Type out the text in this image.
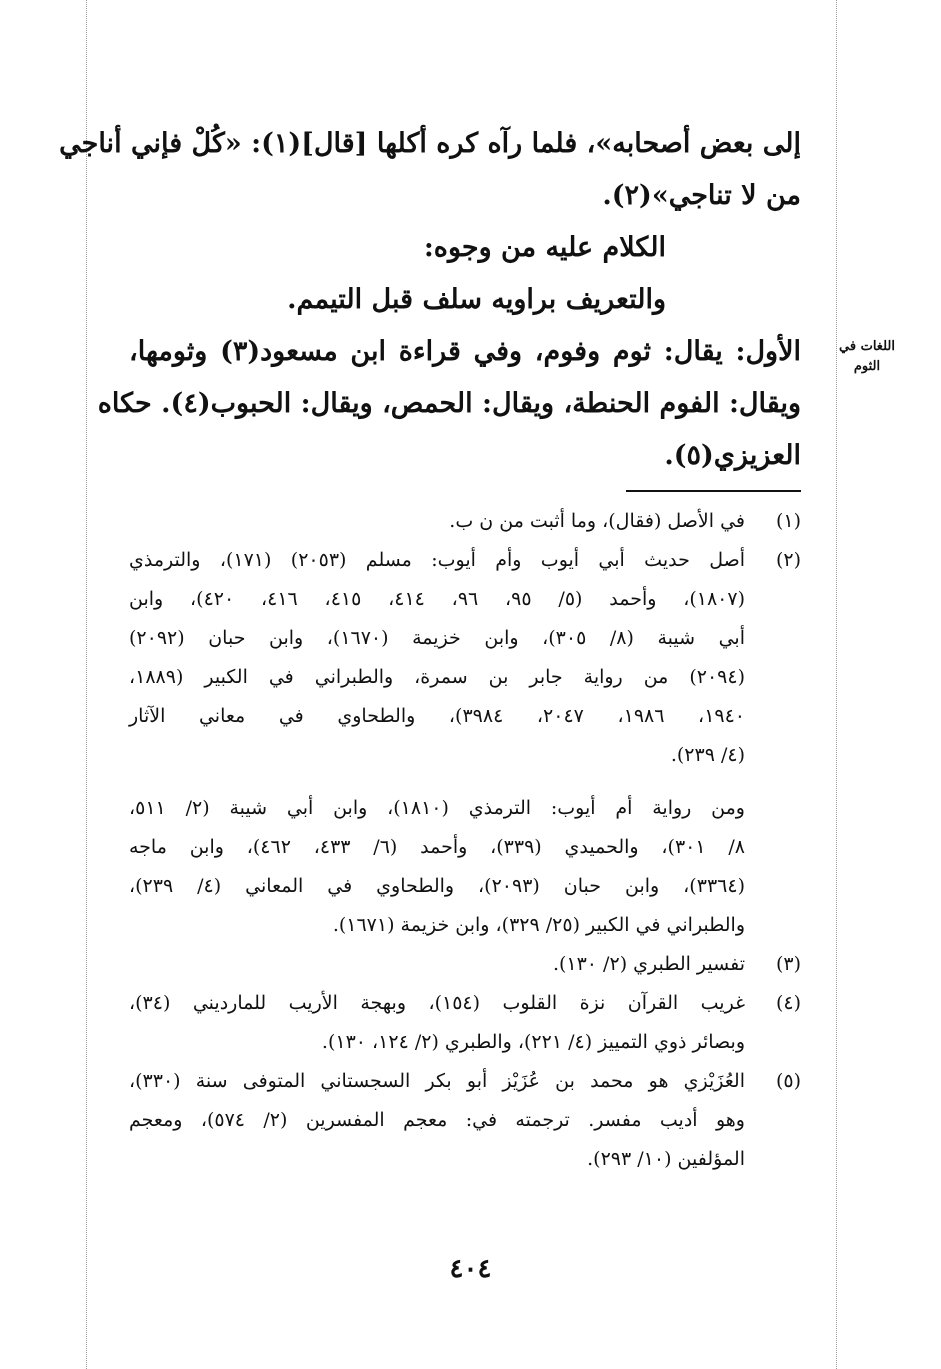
اللغات في
الثوم
إلى بعض أصحابه»، فلما رآه كره أكلها [قال](١): «كُلْ فإني أناجي
من لا تناجي»(٢).
الكلام عليه من وجوه:
والتعريف براويه سلف قبل التيمم.
الأول: يقال: ثوم وفوم، وفي قراءة ابن مسعود(٣) وثومها،
ويقال: الفوم الحنطة، ويقال: الحمص، ويقال: الحبوب(٤). حكاه
العزيزي(٥).
(١)
في الأصل (فقال)، وما أثبت من ن ب.
(٢)
أصل حديث أبي أيوب وأم أيوب: مسلم (٢٠٥٣) (١٧١)، والترمذي
(١٨٠٧)، وأحمد (٥/ ٩٥، ٩٦، ٤١٤، ٤١٥، ٤١٦، ٤٢٠)، وابن
أبي شيبة (٨/ ٣٠٥)، وابن خزيمة (١٦٧٠)، وابن حبان (٢٠٩٢)
(٢٠٩٤) من رواية جابر بن سمرة، والطبراني في الكبير (١٨٨٩،
١٩٤٠، ١٩٨٦، ٢٠٤٧، ٣٩٨٤)، والطحاوي في معاني الآثار
(٤/ ٢٣٩).
ومن رواية أم أيوب: الترمذي (١٨١٠)، وابن أبي شيبة (٢/ ٥١١،
٨/ ٣٠١)، والحميدي (٣٣٩)، وأحمد (٦/ ٤٣٣، ٤٦٢)، وابن ماجه
(٣٣٦٤)، وابن حبان (٢٠٩٣)، والطحاوي في المعاني (٤/ ٢٣٩)،
والطبراني في الكبير (٢٥/ ٣٢٩)، وابن خزيمة (١٦٧١).
(٣)
تفسير الطبري (٢/ ١٣٠).
(٤)
غريب القرآن نزة القلوب (١٥٤)، وبهجة الأريب للمارديني (٣٤)،
وبصائر ذوي التمييز (٤/ ٢٢١)، والطبري (٢/ ١٢٤، ١٣٠).
(٥)
العُزَيْزي هو محمد بن عُزَيْز أبو بكر السجستاني المتوفى سنة (٣٣٠)،
وهو أديب مفسر. ترجمته في: معجم المفسرين (٢/ ٥٧٤)، ومعجم
المؤلفين (١٠/ ٢٩٣).
٤٠٤
